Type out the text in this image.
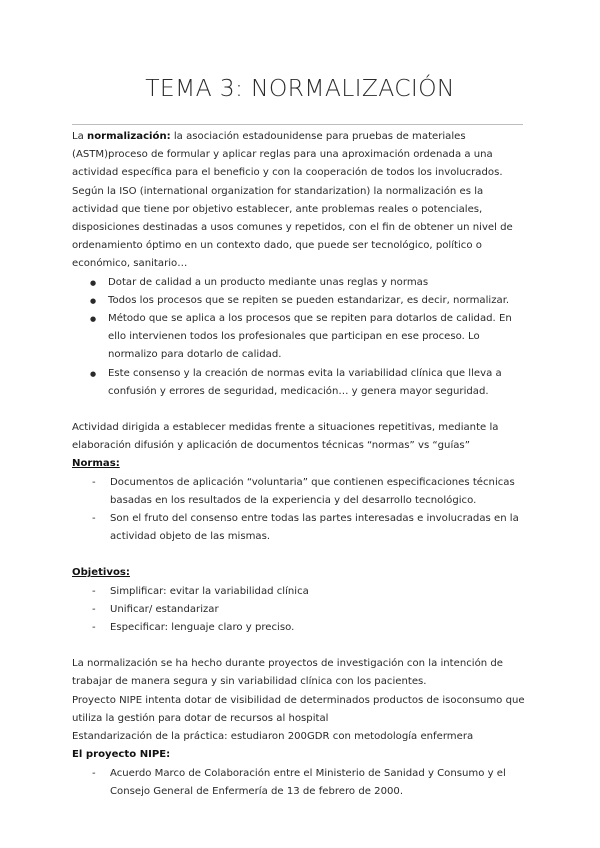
TEMA 3: NORMALIZACIÓN

La normalización: la asociación estadounidense para pruebas de materiales (ASTM)proceso de formular y aplicar reglas para una aproximación ordenada a una actividad específica para el beneficio y con la cooperación de todos los involucrados.

Según la ISO (international organization for standarization) la normalización es la actividad que tiene por objetivo establecer, ante problemas reales o potenciales, disposiciones destinadas a usos comunes y repetidos, con el fin de obtener un nivel de ordenamiento óptimo en un contexto dado, que puede ser tecnológico, político o económico, sanitario…

● Dotar de calidad a un producto mediante unas reglas y normas
● Todos los procesos que se repiten se pueden estandarizar, es decir, normalizar.
● Método que se aplica a los procesos que se repiten para dotarlos de calidad. En ello intervienen todos los profesionales que participan en ese proceso. Lo normalizo para dotarlo de calidad.
● Este consenso y la creación de normas evita la variabilidad clínica que lleva a confusión y errores de seguridad, medicación… y genera mayor seguridad.

Actividad dirigida a establecer medidas frente a situaciones repetitivas, mediante la elaboración difusión y aplicación de documentos técnicas “normas” vs “guías”

Normas:

- Documentos de aplicación “voluntaria” que contienen especificaciones técnicas basadas en los resultados de la experiencia y del desarrollo tecnológico.
- Son el fruto del consenso entre todas las partes interesadas e involucradas en la actividad objeto de las mismas.

Objetivos:

- Simplificar: evitar la variabilidad clínica
- Unificar/ estandarizar
- Especificar: lenguaje claro y preciso.

La normalización se ha hecho durante proyectos de investigación con la intención de trabajar de manera segura y sin variabilidad clínica con los pacientes.

Proyecto NIPE intenta dotar de visibilidad de determinados productos de isoconsumo que utiliza la gestión para dotar de recursos al hospital

Estandarización de la práctica: estudiaron 200GDR con metodología enfermera

El proyecto NIPE:

- Acuerdo Marco de Colaboración entre el Ministerio de Sanidad y Consumo y el Consejo General de Enfermería de 13 de febrero de 2000.
